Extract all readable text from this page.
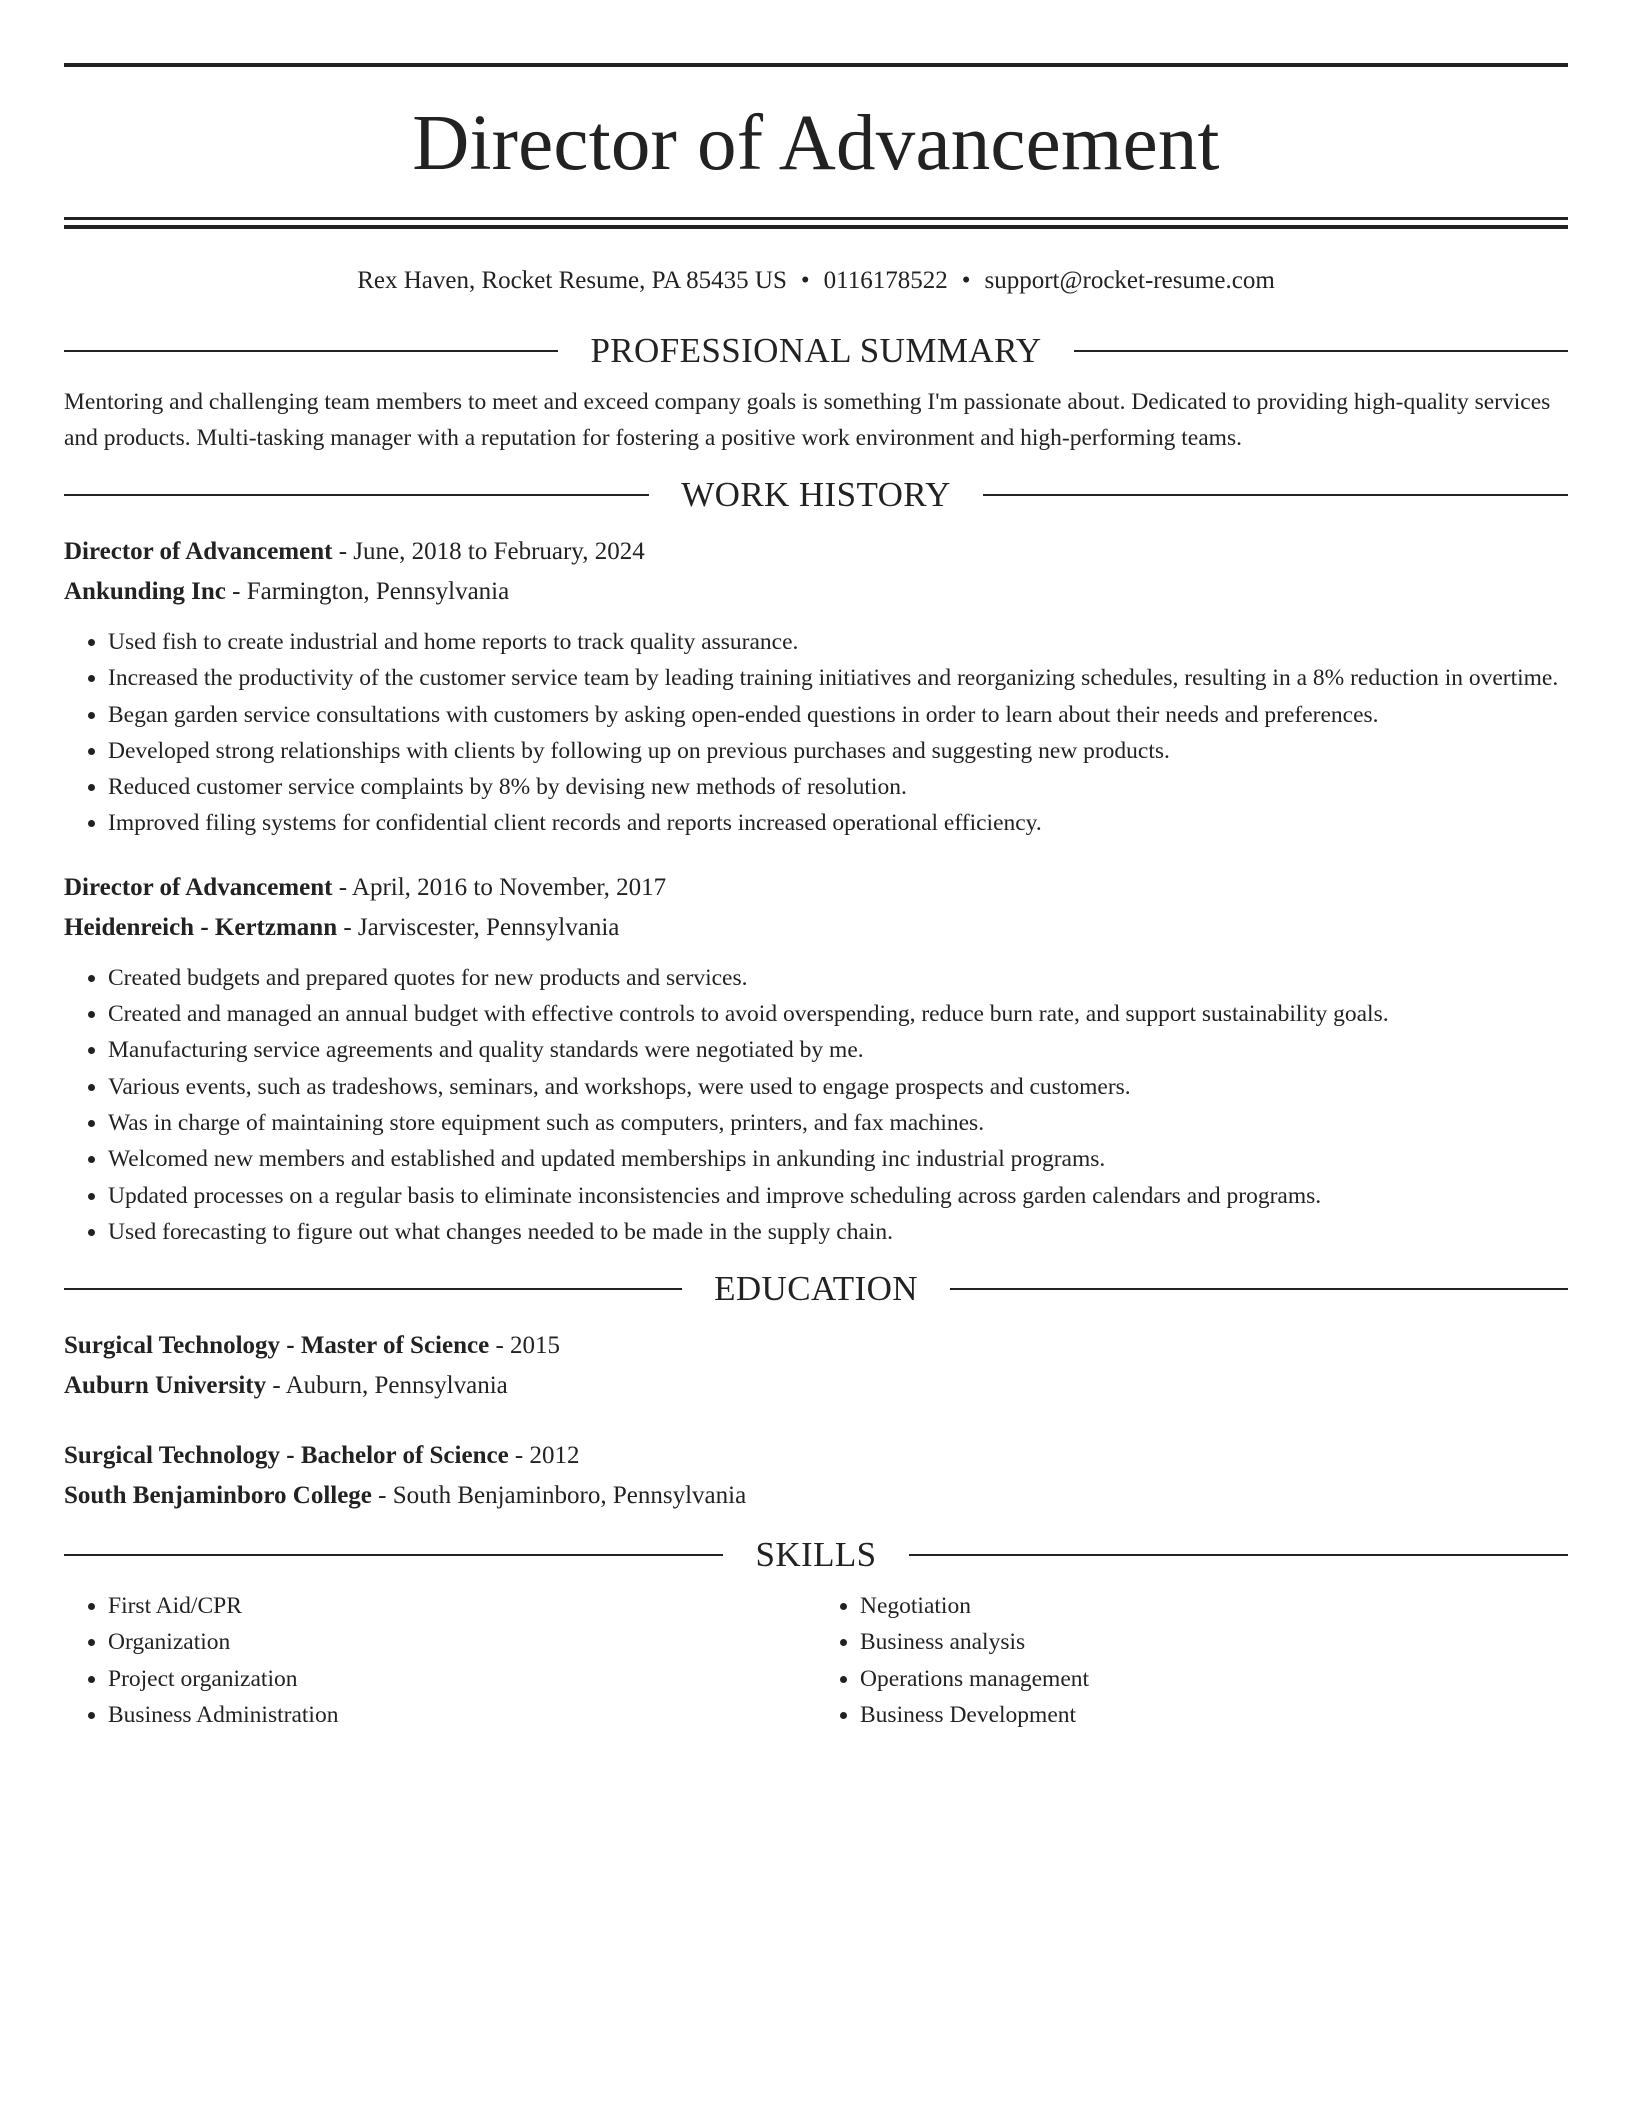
Director of Advancement
Rex Haven, Rocket Resume, PA 85435 US • 0116178522 • support@rocket-resume.com
PROFESSIONAL SUMMARY
Mentoring and challenging team members to meet and exceed company goals is something I'm passionate about. Dedicated to providing high-quality services and products. Multi-tasking manager with a reputation for fostering a positive work environment and high-performing teams.
WORK HISTORY
Director of Advancement - June, 2018 to February, 2024
Ankunding Inc - Farmington, Pennsylvania
• Used fish to create industrial and home reports to track quality assurance.
• Increased the productivity of the customer service team by leading training initiatives and reorganizing schedules, resulting in a 8% reduction in overtime.
• Began garden service consultations with customers by asking open-ended questions in order to learn about their needs and preferences.
• Developed strong relationships with clients by following up on previous purchases and suggesting new products.
• Reduced customer service complaints by 8% by devising new methods of resolution.
• Improved filing systems for confidential client records and reports increased operational efficiency.
Director of Advancement - April, 2016 to November, 2017
Heidenreich - Kertzmann - Jarviscester, Pennsylvania
• Created budgets and prepared quotes for new products and services.
• Created and managed an annual budget with effective controls to avoid overspending, reduce burn rate, and support sustainability goals.
• Manufacturing service agreements and quality standards were negotiated by me.
• Various events, such as tradeshows, seminars, and workshops, were used to engage prospects and customers.
• Was in charge of maintaining store equipment such as computers, printers, and fax machines.
• Welcomed new members and established and updated memberships in ankunding inc industrial programs.
• Updated processes on a regular basis to eliminate inconsistencies and improve scheduling across garden calendars and programs.
• Used forecasting to figure out what changes needed to be made in the supply chain.
EDUCATION
Surgical Technology - Master of Science - 2015
Auburn University - Auburn, Pennsylvania
Surgical Technology - Bachelor of Science - 2012
South Benjaminboro College - South Benjaminboro, Pennsylvania
SKILLS
• First Aid/CPR
• Organization
• Project organization
• Business Administration
• Negotiation
• Business analysis
• Operations management
• Business Development
